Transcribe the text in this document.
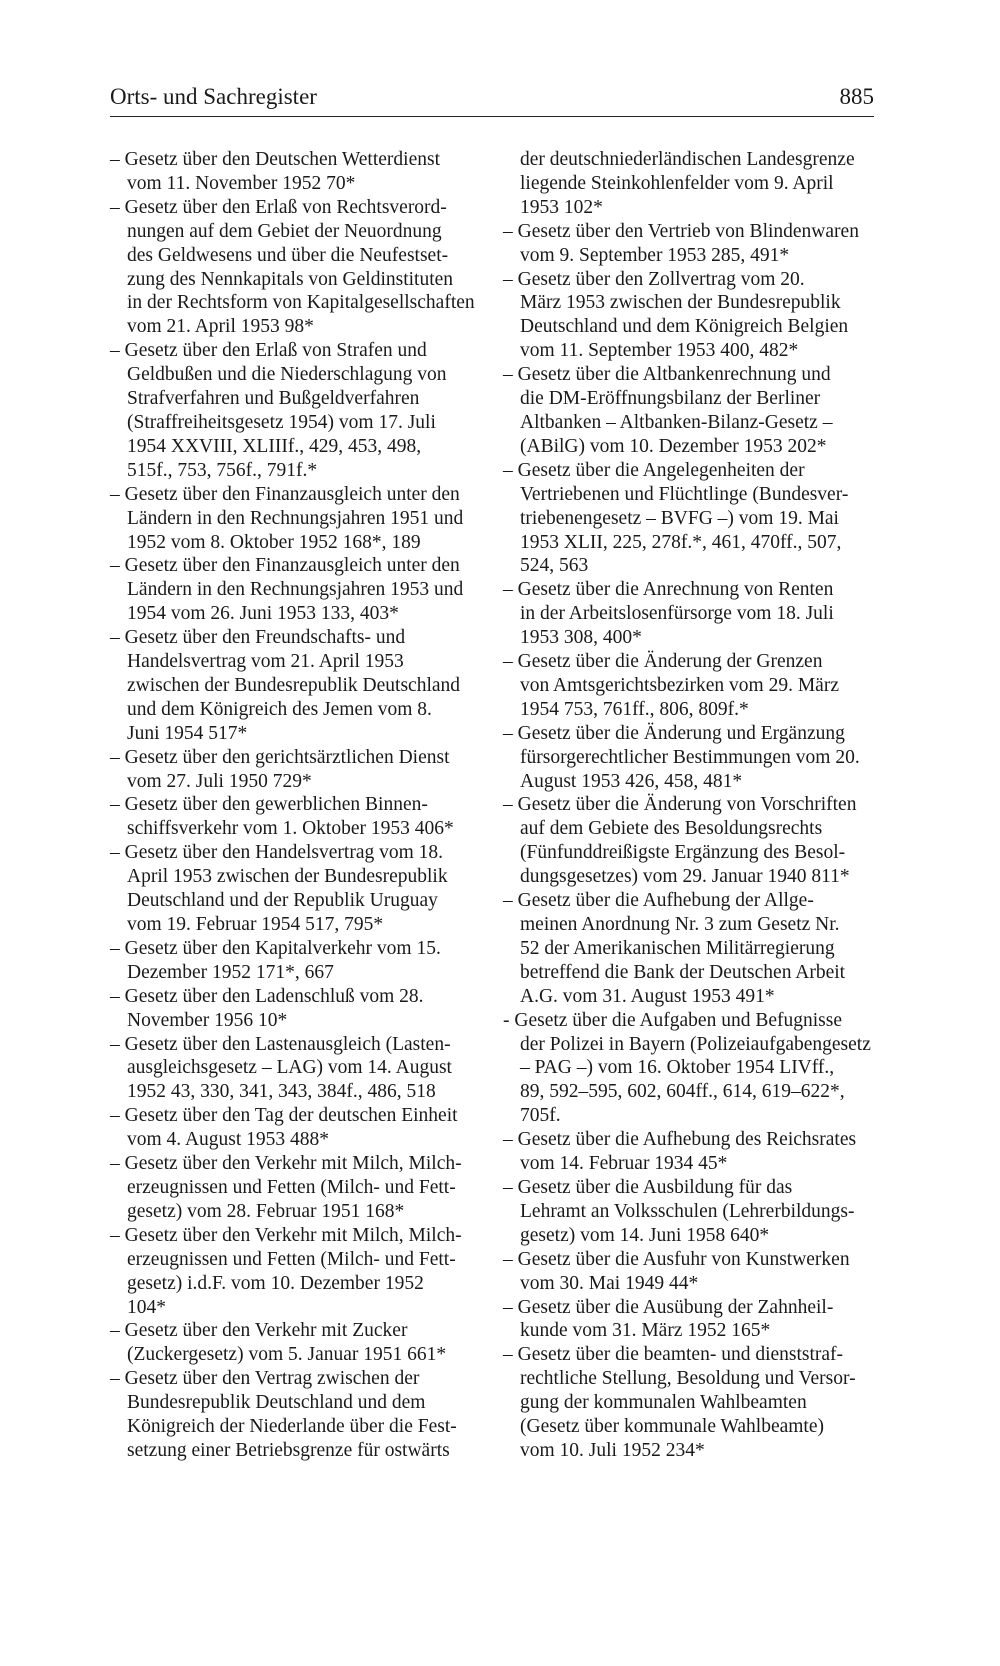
Orts- und Sachregister	885

– Gesetz über den Deutschen Wetterdienst
vom 11. November 1952 70*

– Gesetz über den Erlaß von Rechtsverord-
nungen auf dem Gebiet der Neuordnung
des Geldwesens und über die Neufestset-
zung des Nennkapitals von Geldinstituten
in der Rechtsform von Kapitalgesellschaften
vom 21. April 1953 98*

– Gesetz über den Erlaß von Strafen und
Geldbußen und die Niederschlagung von
Strafverfahren und Bußgeldverfahren
(Straffreiheitsgesetz 1954) vom 17. Juli
1954 XXVIII, XLIIIf., 429, 453, 498,
515f., 753, 756f., 791f.*

– Gesetz über den Finanzausgleich unter den
Ländern in den Rechnungsjahren 1951 und
1952 vom 8. Oktober 1952 168*, 189

– Gesetz über den Finanzausgleich unter den
Ländern in den Rechnungsjahren 1953 und
1954 vom 26. Juni 1953 133, 403*

– Gesetz über den Freundschafts- und
Handelsvertrag vom 21. April 1953
zwischen der Bundesrepublik Deutschland
und dem Königreich des Jemen vom 8.
Juni 1954 517*

– Gesetz über den gerichtsärztlichen Dienst
vom 27. Juli 1950 729*

– Gesetz über den gewerblichen Binnen-
schiffsverkehr vom 1. Oktober 1953 406*

– Gesetz über den Handelsvertrag vom 18.
April 1953 zwischen der Bundesrepublik
Deutschland und der Republik Uruguay
vom 19. Februar 1954 517, 795*

– Gesetz über den Kapitalverkehr vom 15.
Dezember 1952 171*, 667

– Gesetz über den Ladenschluß vom 28.
November 1956 10*

– Gesetz über den Lastenausgleich (Lasten-
ausgleichsgesetz – LAG) vom 14. August
1952 43, 330, 341, 343, 384f., 486, 518

– Gesetz über den Tag der deutschen Einheit
vom 4. August 1953 488*

– Gesetz über den Verkehr mit Milch, Milch-
erzeugnissen und Fetten (Milch- und Fett-
gesetz) vom 28. Februar 1951 168*

– Gesetz über den Verkehr mit Milch, Milch-
erzeugnissen und Fetten (Milch- und Fett-
gesetz) i.d.F. vom 10. Dezember 1952
104*

– Gesetz über den Verkehr mit Zucker
(Zuckergesetz) vom 5. Januar 1951 661*

– Gesetz über den Vertrag zwischen der
Bundesrepublik Deutschland und dem
Königreich der Niederlande über die Fest-
setzung einer Betriebsgrenze für ostwärts

der deutschniederländischen Landesgrenze
liegende Steinkohlenfelder vom 9. April
1953 102*

– Gesetz über den Vertrieb von Blindenwaren
vom 9. September 1953 285, 491*

– Gesetz über den Zollvertrag vom 20.
März 1953 zwischen der Bundesrepublik
Deutschland und dem Königreich Belgien
vom 11. September 1953 400, 482*

– Gesetz über die Altbankenrechnung und
die DM-Eröffnungsbilanz der Berliner
Altbanken – Altbanken-Bilanz-Gesetz –
(ABilG) vom 10. Dezember 1953 202*

– Gesetz über die Angelegenheiten der
Vertriebenen und Flüchtlinge (Bundesver-
triebenengesetz – BVFG –) vom 19. Mai
1953 XLII, 225, 278f.*, 461, 470ff., 507,
524, 563

– Gesetz über die Anrechnung von Renten
in der Arbeitslosenfürsorge vom 18. Juli
1953 308, 400*

– Gesetz über die Änderung der Grenzen
von Amtsgerichtsbezirken vom 29. März
1954 753, 761ff., 806, 809f.*

– Gesetz über die Änderung und Ergänzung
fürsorgerechtlicher Bestimmungen vom 20.
August 1953 426, 458, 481*

– Gesetz über die Änderung von Vorschriften
auf dem Gebiete des Besoldungsrechts
(Fünfunddreißigste Ergänzung des Besol-
dungsgesetzes) vom 29. Januar 1940 811*

– Gesetz über die Aufhebung der Allge-
meinen Anordnung Nr. 3 zum Gesetz Nr.
52 der Amerikanischen Militärregierung
betreffend die Bank der Deutschen Arbeit
A.G. vom 31. August 1953 491*

- Gesetz über die Aufgaben und Befugnisse
der Polizei in Bayern (Polizeiaufgabengesetz
– PAG –) vom 16. Oktober 1954 LIVff.,
89, 592–595, 602, 604ff., 614, 619–622*,
705f.

– Gesetz über die Aufhebung des Reichsrates
vom 14. Februar 1934 45*

– Gesetz über die Ausbildung für das
Lehramt an Volksschulen (Lehrerbildungs-
gesetz) vom 14. Juni 1958 640*

– Gesetz über die Ausfuhr von Kunstwerken
vom 30. Mai 1949 44*

– Gesetz über die Ausübung der Zahnheil-
kunde vom 31. März 1952 165*

– Gesetz über die beamten- und dienststraf-
rechtliche Stellung, Besoldung und Versor-
gung der kommunalen Wahlbeamten
(Gesetz über kommunale Wahlbeamte)
vom 10. Juli 1952 234*
